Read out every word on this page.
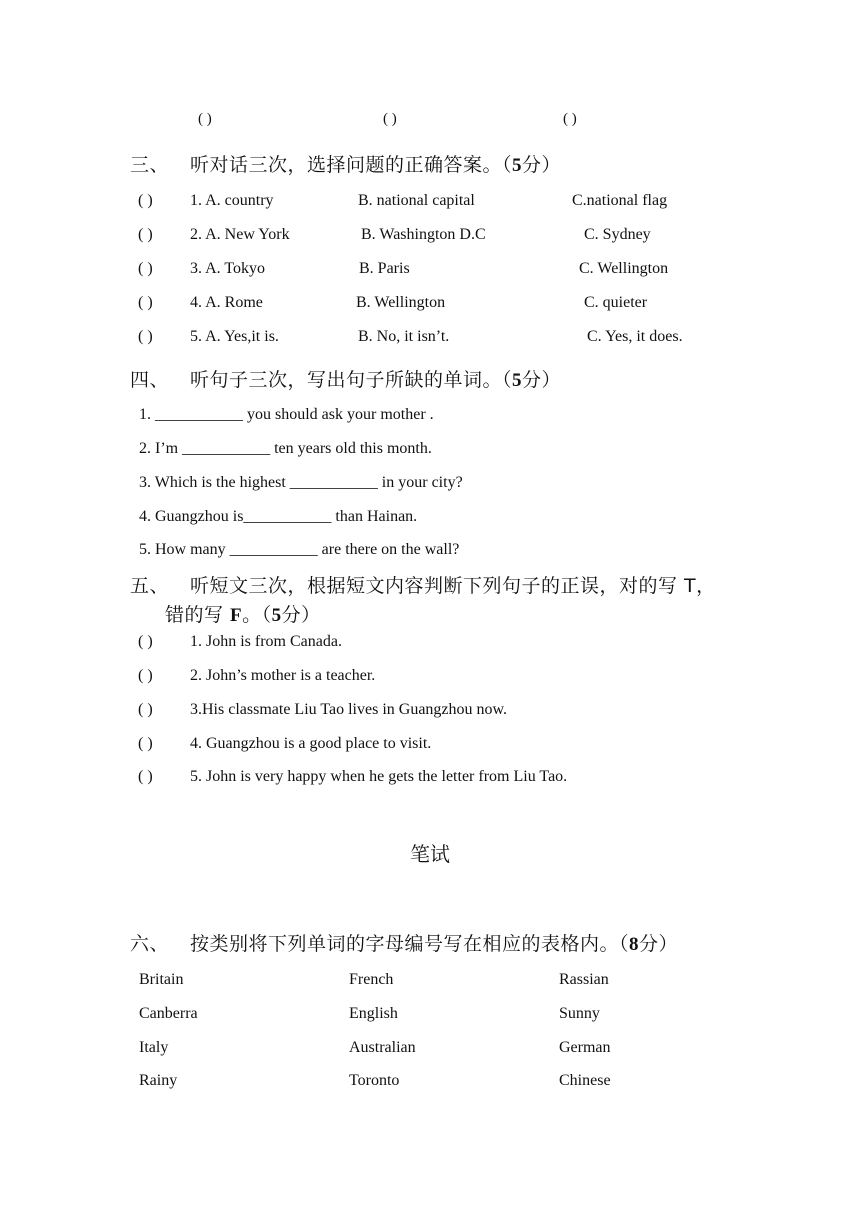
( )	( )	( )
三、 听对话三次，选择问题的正确答案。（5分）
( ) 1. A. country	B. national capital	C.national flag
( ) 2. A. New York	B. Washington D.C	C. Sydney
( ) 3. A. Tokyo	B. Paris	C. Wellington
( ) 4. A. Rome	B. Wellington	C. quieter
( ) 5. A. Yes,it is.	B. No, it isn’t.	C. Yes, it does.
四、 听句子三次，写出句子所缺的单词。（5分）
1. ___________ you should ask your mother .
2. I’m ___________ ten years old this month.
3. Which is the highest ___________ in your city?
4. Guangzhou is___________ than Hainan.
5. How many ___________ are there on the wall?
五、 听短文三次，根据短文内容判断下列句子的正误，对的写 T，
错的写 F。（5分）
( ) 1. John is from Canada.
( ) 2. John’s mother is a teacher.
( ) 3.His classmate Liu Tao lives in Guangzhou now.
( ) 4. Guangzhou is a good place to visit.
( ) 5. John is very happy when he gets the letter from Liu Tao.
笔试
六、 按类别将下列单词的字母编号写在相应的表格内。（8分）
Britain	French	Rassian
Canberra	English	Sunny
Italy	Australian	German
Rainy	Toronto	Chinese
